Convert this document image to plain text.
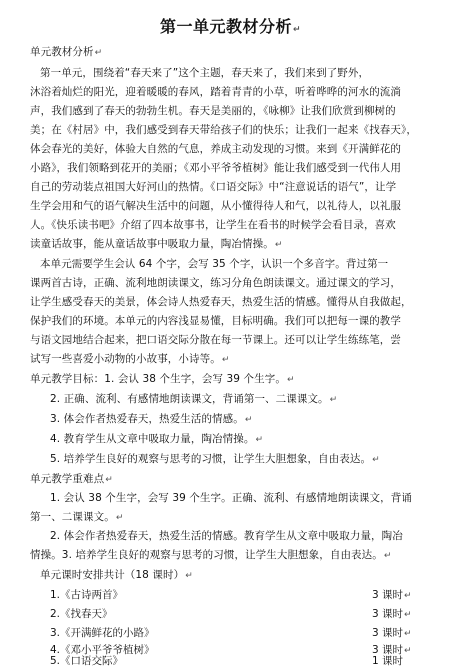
第一单元教材分析↵
单元教材分析↵
第一单元，围绕着“春天来了”这个主题，春天来了，我们来到了野外，
沐浴着灿烂的阳光，迎着暖暖的春风，踏着青青的小草，听着哗哗的河水的流淌
声，我们感到了春天的勃勃生机。春天是美丽的，《咏柳》让我们欣赏到柳树的
美；在《村居》中，我们感受到春天带给孩子们的快乐；让我们一起来《找春天》，
体会春光的美好，体验大自然的气息，养成主动发现的习惯。来到《开满鲜花的
小路》，我们领略到花开的美丽；《邓小平爷爷植树》能让我们感受到一代伟人用
自己的劳动装点祖国大好河山的热情。《口语交际》中“注意说话的语气”，让学
生学会用和气的语气解决生活中的问题，从小懂得待人和气，以礼待人，以礼服
人。《快乐读书吧》介绍了四本故事书，让学生在看书的时候学会看目录，喜欢
读童话故事，能从童话故事中吸取力量，陶冶情操。↵
本单元需要学生会认 64 个字，会写 35 个字，认识一个多音字。背过第一
课两首古诗，正确、流利地朗读课文，练习分角色朗读课文。通过课文的学习，
让学生感受春天的美景，体会诗人热爱春天，热爱生活的情感。懂得从自我做起，
保护我们的环境。本单元的内容浅显易懂，目标明确。我们可以把每一课的教学
与语文园地结合起来，把口语交际分散在每一节课上。还可以让学生练练笔，尝
试写一些喜爱小动物的小故事，小诗等。↵
单元教学目标：1. 会认 38 个生字，会写 39 个生字。↵
2. 正确、流利、有感情地朗读课文，背诵第一、二课课文。↵
3. 体会作者热爱春天，热爱生活的情感。↵
4. 教育学生从文章中吸取力量，陶冶情操。↵
5. 培养学生良好的观察与思考的习惯，让学生大胆想象，自由表达。↵
单元教学重难点↵
1. 会认 38 个生字，会写 39 个生字。正确、流利、有感情地朗读课文，背诵
第一、二课课文。↵
2. 体会作者热爱春天，热爱生活的情感。教育学生从文章中吸取力量，陶冶
情操。3. 培养学生良好的观察与思考的习惯，让学生大胆想象，自由表达。↵
单元课时安排共计（18 课时）↵
1.《古诗两首》	3 课时↵
2.《找春天》	3 课时↵
3.《开满鲜花的小路》	3 课时↵
4.《邓小平爷爷植树》	3 课时↵
5.《口语交际》	1 课时
